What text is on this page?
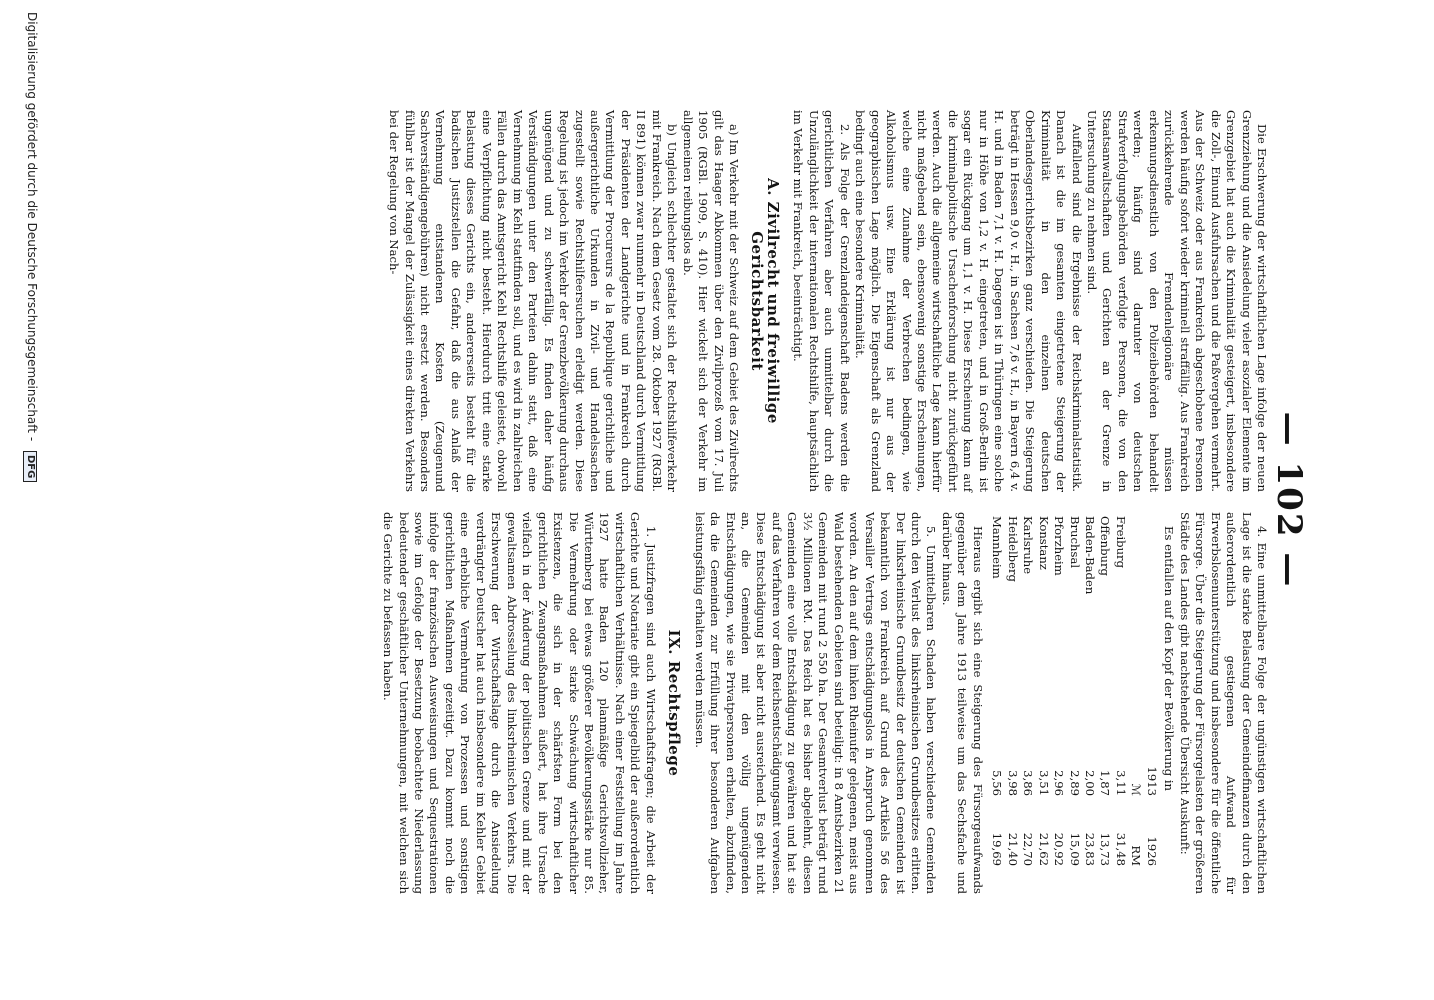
— 102 —

Die Erschwerung der wirtschaftlichen Lage infolge der neuen Grenzziehung und die Ansiedelung vieler asozialer Elemente im Grenzgebiet hat auch die Kriminalität gesteigert, insbesondere die Zoll-, Einund Ausfuhrsachen und die Paßvergehen vermehrt. Aus der Schweiz oder aus Frankreich abgeschobene Personen werden häufig sofort wieder kriminell straffällig. Aus Frankreich zurückkehrende Fremdenlegionäre müssen erkennungsdienstlich von den Polizeibehörden behandelt werden; häufig sind darunter von deutschen Strafverfolgungsbehörden verfolgte Personen, die von den Staatsanwaltschaften und Gerichten an der Grenze in Untersuchung zu nehmen sind.

Auffallend sind die Ergebnisse der Reichskriminalstatistik. Danach ist die im gesamten eingetretene Steigerung der Kriminalität in den einzelnen deutschen Oberlandesgerichtsbezirken ganz verschieden. Die Steigerung beträgt in Hessen 9,0 v. H., in Sachsen 7,6 v. H., in Bayern 6,4 v. H. und in Baden 7,1 v. H. Dagegen ist in Thüringen eine solche nur in Höhe von 1,2 v. H. eingetreten, und in Groß-Berlin ist sogar ein Rückgang um 1,1 v. H. Diese Erscheinung kann auf die kriminalpolitische Ursachenforschung nicht zurückgeführt werden. Auch die allgemeine wirtschaftliche Lage kann hierfür nicht maßgebend sein, ebensowenig sonstige Erscheinungen, welche eine Zunahme der Verbrechen bedingen, wie Alkoholismus usw. Eine Erklärung ist nur aus der geographischen Lage möglich. Die Eigenschaft als Grenzland bedingt auch eine besondere Kriminalität.

2. Als Folge der Grenzlandeigenschaft Badens werden die gerichtlichen Verfahren aber auch unmittelbar durch die Unzulänglichkeit der internationalen Rechtshilfe, hauptsächlich im Verkehr mit Frankreich, beeinträchtigt.

A. Zivilrecht und freiwillige Gerichtsbarkeit

a) Im Verkehr mit der Schweiz auf dem Gebiet des Zivilrechts gilt das Haager Abkommen über den Zivilprozeß vom 17. Juli 1905 (RGBl. 1909, S. 410). Hier wickelt sich der Verkehr im allgemeinen reibungslos ab.

b) Ungleich schlechter gestaltet sich der Rechtshilfeverkehr mit Frankreich. Nach dem Gesetz vom 28. Oktober 1927 (RGBl. II 891) können zwar nunmehr in Deutschland durch Vermittlung der Präsidenten der Landgerichte und in Frankreich durch Vermittlung der Procureurs de la Republique gerichtliche und außergerichtliche Urkunden in Zivil- und Handelssachen zugestellt sowie Rechtshilfeersuchen erledigt werden. Diese Regelung ist jedoch im Verkehr der Grenzbevölkerung durchaus ungenügend und zu schwerfällig. Es finden daher häufig Verständigungen unter den Parteien dahin statt, daß eine Vernehmung im Kehl stattfinden soll, und es wird in zahlreichen Fällen durch das Amtsgericht Kehl Rechtshilfe geleistet, obwohl eine Verpflichtung nicht besteht. Hierdurch tritt eine starke Belastung dieses Gerichts ein, andererseits besteht für die badischen Justizstellen die Gefahr, daß die aus Anlaß der Vernehmung entstandenen Kosten (Zeugenund Sachverständigengebühren) nicht ersetzt werden. Besonders fühlbar ist der Mangel der Zulässigkeit eines direkten Verkehrs bei der Regelung von Nach-

4. Eine unmittelbare Folge der ungünstigen wirtschaftlichen Lage ist die starke Belastung der Gemeindefinanzen durch den außerordentlich gestiegenen Aufwand für Erwerbslosenunterstützung und insbesondere für die öffentliche Fürsorge. Über die Steigerung der Fürsorgelasten der größeren Städte des Landes gibt nachstehende Übersicht Auskunft:

Es entfallen auf den Kopf der Bevölkerung in

1913
1926
ℳ
RM
Freiburg
3,11
31,48
Offenburg
1,87
13,73
Baden-Baden
2,00
23,83
Bruchsal
2,89
15,09
Pforzheim
2,96
20,92
Konstanz
3,51
21,62
Karlsruhe
3,86
22,70
Heidelberg
3,98
21,40
Mannheim
5,56
19,69

Hieraus ergibt sich eine Steigerung des Fürsorgeaufwands gegenüber dem Jahre 1913 teilweise um das Sechsfache und darüber hinaus.

5. Unmittelbaren Schaden haben verschiedene Gemeinden durch den Verlust des linksrheinischen Grundbesitzes erlitten. Der linksrheinische Grundbesitz der deutschen Gemeinden ist bekanntlich von Frankreich auf Grund des Artikels 56 des Versailler Vertrags entschädigungslos in Anspruch genommen worden. An den auf dem linken Rheinufer gelegenen, meist aus Wald bestehenden Gebieten sind beteiligt: in 8 Amtsbezirken 21 Gemeinden mit rund 2 550 ha. Der Gesamtverlust beträgt rund 3½ Millionen RM. Das Reich hat es bisher abgelehnt, diesen Gemeinden eine volle Entschädigung zu gewähren und hat sie auf das Verfahren vor dem Reichsentschädigungsamt verwiesen. Diese Entschädigung ist aber nicht ausreichend. Es geht nicht an, die Gemeinden mit den völlig ungenügenden Entschädigungen, wie sie Privatpersonen erhalten, abzufinden, da die Gemeinden zur Erfüllung ihrer besonderen Aufgaben leistungsfähig erhalten werden müssen.

IX. Rechtspflege

1. Justizfragen sind auch Wirtschaftsfragen; die Arbeit der Gerichte und Notariate gibt ein Spiegelbild der außerordentlich wirtschaftlichen Verhältnisse. Nach einer Feststellung im Jahre 1927 hatte Baden 120 planmäßige Gerichtsvollzieher, Württemberg bei etwas größerer Bevölkerungsstärke nur 85. Die Vermehrung oder starke Schwächung wirtschaftlicher Existenzen, die sich in der schärfsten Form bei den gerichtlichen Zwangsmaßnahmen äußert, hat ihre Ursache vielfach in der Änderung der politischen Grenze und mit der gewaltsamen Abdrosselung des linksrheinischen Verkehrs. Die Erschwerung der Wirtschaftslage durch die Ansiedelung verdrängter Deutscher hat auch insbesondere im Kehler Gebiet eine erhebliche Vermehrung von Prozessen und sonstigen gerichtlichen Maßnahmen gezeitigt. Dazu kommt noch die infolge der französischen Ausweisungen und Sequestrationen sowie im Gefolge der Besetzung beobachtete Niederlassung bedeutender geschäftlicher Unternehmungen, mit welchen sich die Gerichte zu befassen haben.

Digitalisierung gefördert durch die Deutsche Forschungsgemeinschaft - DFG
